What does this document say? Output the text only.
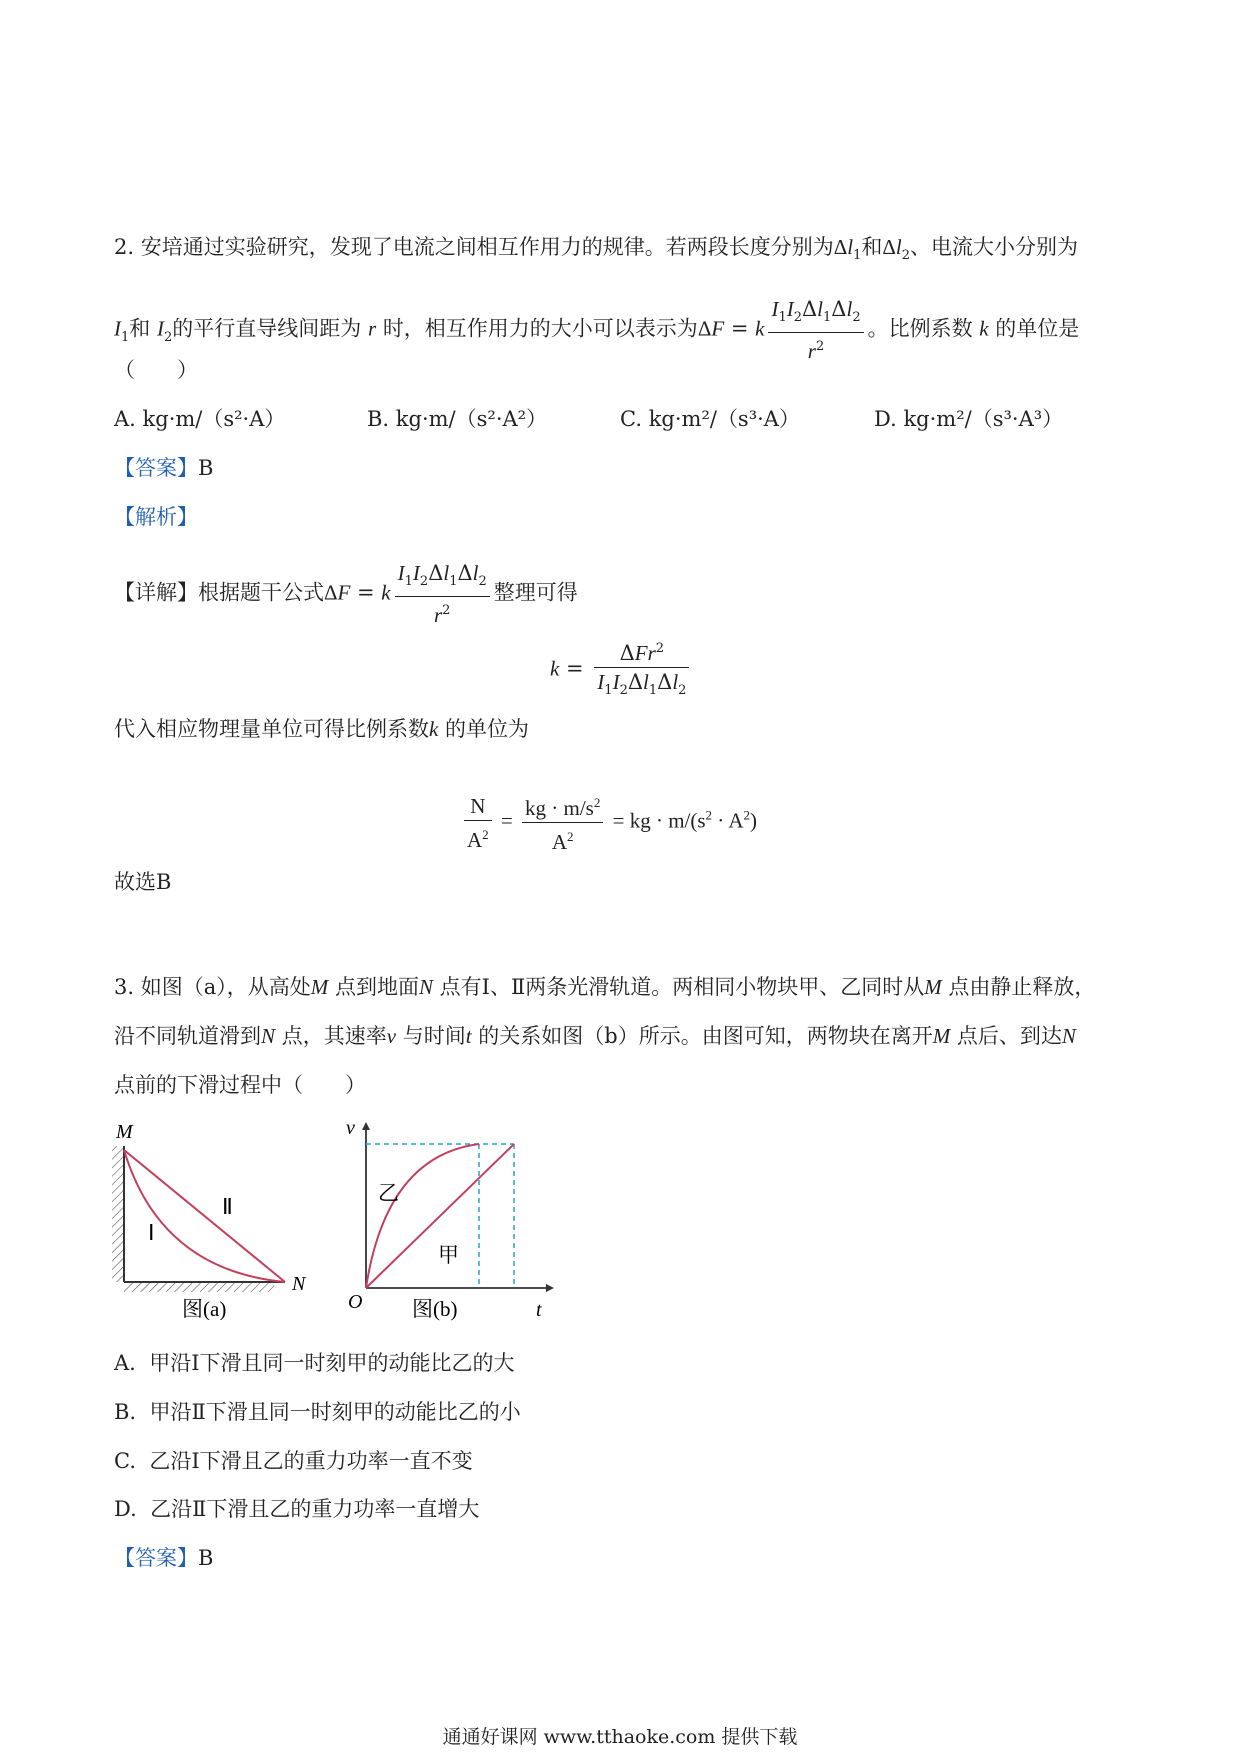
2. 安培通过实验研究，发现了电流之间相互作用力的规律。若两段长度分别为$\Delta l_1$和$\Delta l_2$、电流大小分别为
$I_1$和 $I_2$的平行直导线间距为 r 时，相互作用力的大小可以表示为ΔF = k $\frac{I_1I_2\Delta l_1\Delta l_2}{r^2}$ 。比例系数 k 的单位是
（　　）
A. kg·m/（s²·A）	B. kg·m/（s²·A²）	C. kg·m²/（s³·A）	D. kg·m²/（s³·A³）
【答案】B
【解析】
【详解】根据题干公式ΔF = k $\frac{I_1I_2\Delta l_1\Delta l_2}{r^2}$ 整理可得
$k = \frac{\Delta Fr^2}{I_1I_2\Delta l_1\Delta l_2}$
代入相应物理量单位可得比例系数k 的单位为
$\frac{N}{A^2} = \frac{kg \cdot m/s^2}{A^2}$ = kg · $m/(s^2 \cdot A^2)$
故选B
3. 如图（a），从高处M 点到地面N 点有Ⅰ、Ⅱ两条光滑轨道。两相同小物块甲、乙同时从M 点由静止释放，
沿不同轨道滑到N 点，其速率v 与时间t 的关系如图（b）所示。由图可知，两物块在离开M 点后、到达N
点前的下滑过程中（　　）
M
N
Ⅰ
Ⅱ
图(a)
v
t
O
乙
甲
图(b)
A. 甲沿Ⅰ下滑且同一时刻甲的动能比乙的大
B. 甲沿Ⅱ下滑且同一时刻甲的动能比乙的小
C. 乙沿Ⅰ下滑且乙的重力功率一直不变
D. 乙沿Ⅱ下滑且乙的重力功率一直增大
【答案】B
通通好课网 www.tthaoke.com 提供下载
